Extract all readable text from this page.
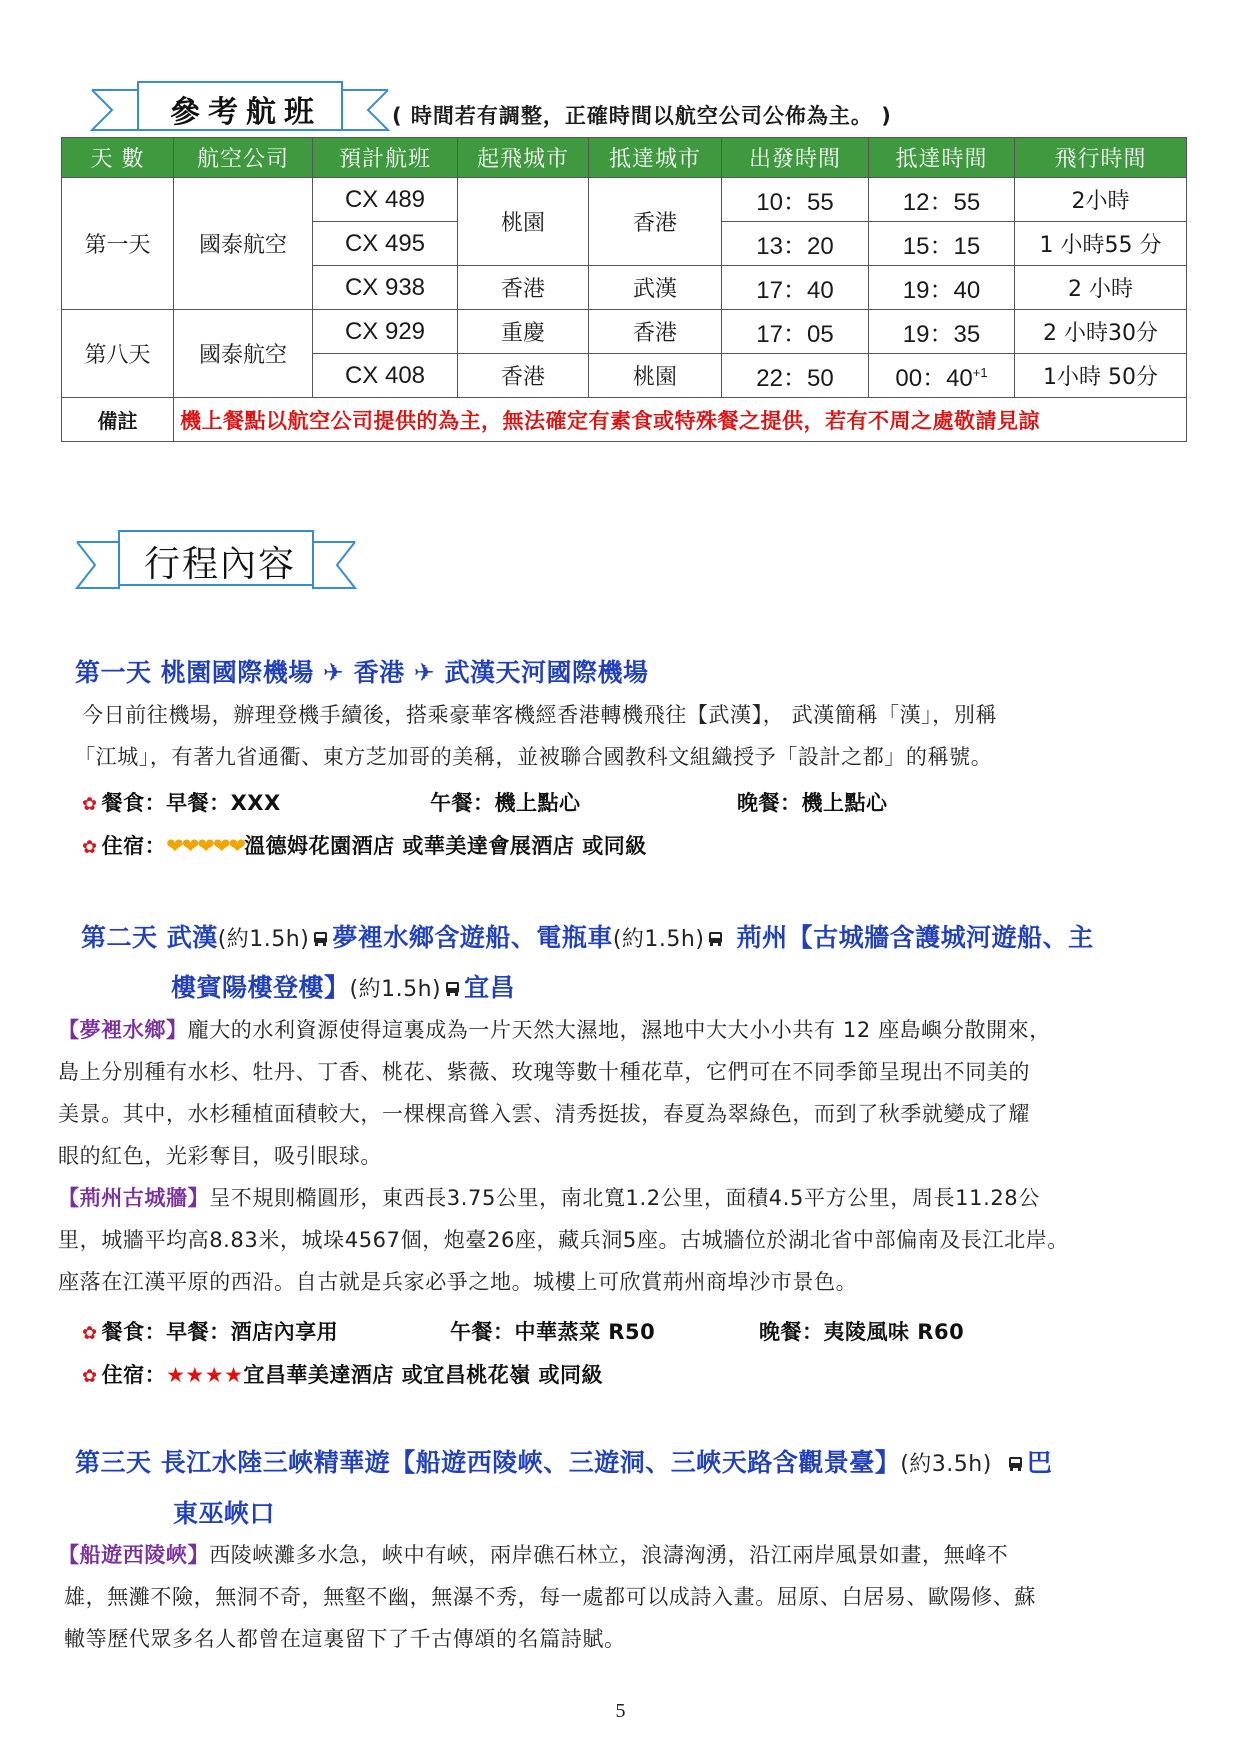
參考航班	( 時間若有調整，正確時間以航空公司公佈為主。 )
天 數	航空公司	預計航班	起飛城市	抵達城市	出發時間	抵達時間	飛行時間
第一天	國泰航空	CX 489	桃園	香港	10：55	12：55	2小時
		CX 495			13：20	15：15	1 小時55 分
		CX 938	香港	武漢	17：40	19：40	2 小時
第八天	國泰航空	CX 929	重慶	香港	17：05	19：35	2 小時30分
		CX 408	香港	桃園	22：50	00：$40^{+1}$	1小時 50分
備註	機上餐點以航空公司提供的為主，無法確定有素食或特殊餐之提供，若有不周之處敬請見諒						
行程內容
第一天 桃園國際機場 ✈ 香港 ✈ 武漢天河國際機場
今日前往機場，辦理登機手續後，搭乘豪華客機經香港轉機飛往【武漢】， 武漢簡稱「漢」，別稱
「江城」，有著九省通衢、東方芝加哥的美稱，並被聯合國教科文組織授予「設計之都」的稱號。
✿ 餐食：早餐：XXX	午餐：機上點心	晚餐：機上點心
✿ 住宿：❤❤❤❤❤溫德姆花園酒店 或華美達會展酒店 或同級
第二天 武漢(約1.5h) 夢裡水鄉含遊船、電瓶車(約1.5h) 荊州【古城牆含護城河遊船、主
樓賓陽樓登樓】(約1.5h) 宜昌
【夢裡水鄉】龐大的水利資源使得這裏成為一片天然大濕地，濕地中大大小小共有 12 座島嶼分散開來，
島上分別種有水杉、牡丹、丁香、桃花、紫薇、玫瑰等數十種花草，它們可在不同季節呈現出不同美的
美景。其中，水杉種植面積較大，一棵棵高聳入雲、清秀挺拔，春夏為翠綠色，而到了秋季就變成了耀
眼的紅色，光彩奪目，吸引眼球。
【荊州古城牆】呈不規則橢圓形，東西長3.75公里，南北寬1.2公里，面積4.5平方公里，周長11.28公
里，城牆平均高8.83米，城垛4567個，炮臺26座，藏兵洞5座。古城牆位於湖北省中部偏南及長江北岸。
座落在江漢平原的西沿。自古就是兵家必爭之地。城樓上可欣賞荊州商埠沙市景色。
✿ 餐食：早餐：酒店內享用	午餐：中華蒸菜 R50	晚餐：夷陵風味 R60
✿ 住宿：★★★★宜昌華美達酒店 或宜昌桃花嶺 或同級
第三天 長江水陸三峽精華遊【船遊西陵峽、三遊洞、三峽天路含觀景臺】(約3.5h) 巴
東巫峽口
【船遊西陵峽】西陵峽灘多水急，峽中有峽，兩岸礁石林立，浪濤洶湧，沿江兩岸風景如畫，無峰不
雄，無灘不險，無洞不奇，無壑不幽，無瀑不秀，每一處都可以成詩入畫。屈原、白居易、歐陽修、蘇
轍等歷代眾多名人都曾在這裏留下了千古傳頌的名篇詩賦。
5
